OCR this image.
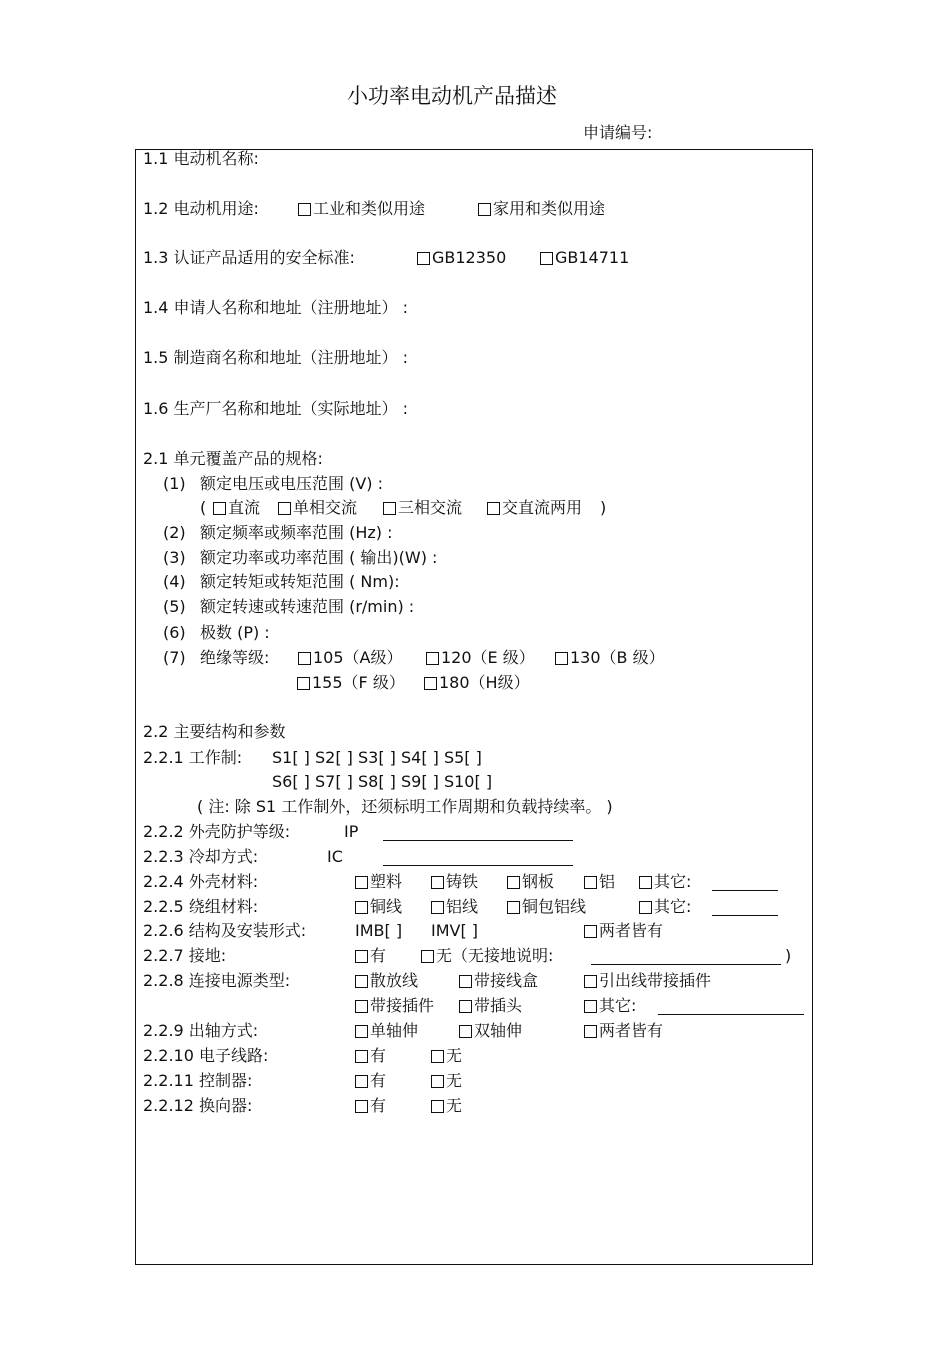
小功率电动机产品描述
申请编号:
1.1 电动机名称:
1.2 电动机用途:	工业和类似用途	家用和类似用途
1.3 认证产品适用的安全标准:	GB12350	GB14711
1.4 申请人名称和地址（注册地址） :
1.5 制造商名称和地址（注册地址） :
1.6 生产厂名称和地址（实际地址） :
2.1 单元覆盖产品的规格:
(1) 额定电压或电压范围 (V) :
(	直流	单相交流	三相交流	交直流两用 )
(2) 额定频率或频率范围 (Hz) :
(3) 额定功率或功率范围 ( 输出)(W) :
(4) 额定转矩或转矩范围 ( Nm):
(5) 额定转速或转速范围 (r/min) :
(6) 极数 (P) :
(7) 绝缘等级:	105（A级）	120（E 级）	130（B 级）
155（F 级）	180（H级）
2.2 主要结构和参数
2.2.1 工作制: S1[ ] S2[ ] S3[ ] S4[ ] S5[ ]
S6[ ] S7[ ] S8[ ] S9[ ] S10[ ]
( 注: 除 S1 工作制外，还须标明工作周期和负载持续率。 )
2.2.2 外壳防护等级:	IP
2.2.3 冷却方式:	IC
2.2.4 外壳材料:	塑料	铸铁	钢板	铝	其它:
2.2.5 绕组材料:	铜线	铝线	铜包铝线	其它:
2.2.6 结构及安装形式:	IMB[ ] IMV[ ]	两者皆有
2.2.7 接地:	有	无（无接地说明:	)
2.2.8 连接电源类型:	散放线	带接线盒	引出线带接插件
带接插件	带插头	其它:
2.2.9 出轴方式:	单轴伸	双轴伸	两者皆有
2.2.10 电子线路:	有	无
2.2.11 控制器:	有	无
2.2.12 换向器:	有	无
